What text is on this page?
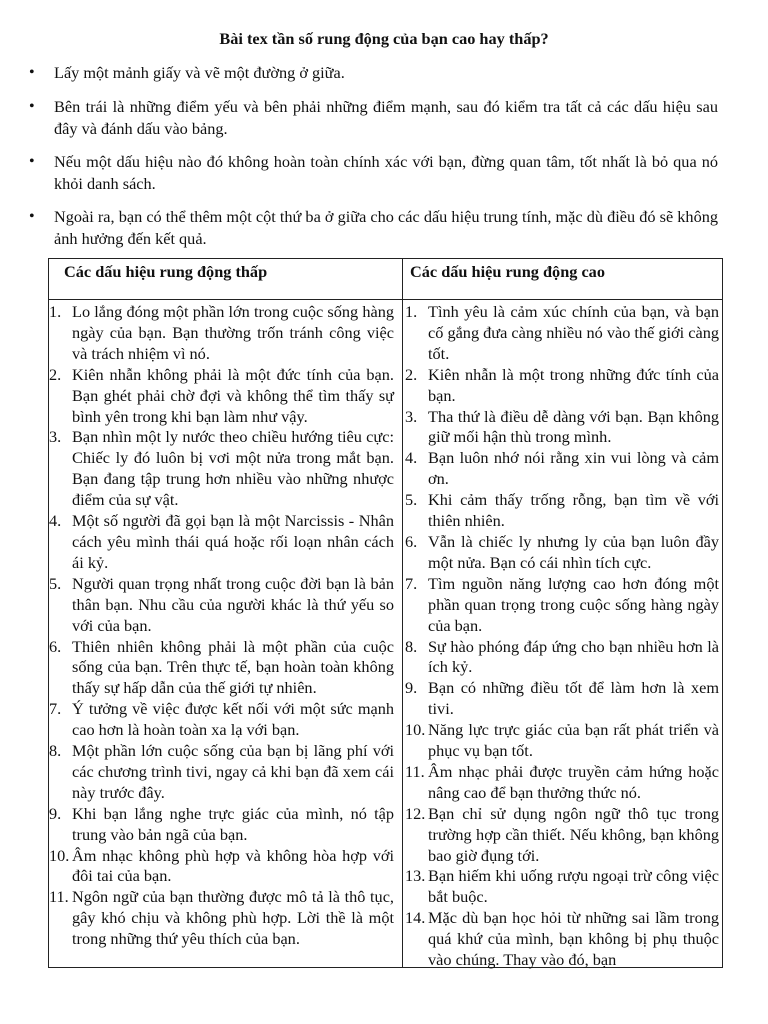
Bài tex tần số rung động của bạn cao hay thấp?
• Lấy một mảnh giấy và vẽ một đường ở giữa.
• Bên trái là những điểm yếu và bên phải những điểm mạnh, sau đó kiểm tra tất cả các dấu hiệu sau đây và đánh dấu vào bảng.
• Nếu một dấu hiệu nào đó không hoàn toàn chính xác với bạn, đừng quan tâm, tốt nhất là bỏ qua nó khỏi danh sách.
• Ngoài ra, bạn có thể thêm một cột thứ ba ở giữa cho các dấu hiệu trung tính, mặc dù điều đó sẽ không ảnh hưởng đến kết quả.
Các dấu hiệu rung động thấp	Các dấu hiệu rung động cao
1. Lo lắng đóng một phần lớn trong cuộc sống hàng ngày của bạn. Bạn thường trốn tránh công việc và trách nhiệm vì nó.
2. Kiên nhẫn không phải là một đức tính của bạn. Bạn ghét phải chờ đợi và không thể tìm thấy sự bình yên trong khi bạn làm như vậy.
3. Bạn nhìn một ly nước theo chiều hướng tiêu cực: Chiếc ly đó luôn bị vơi một nửa trong mắt bạn. Bạn đang tập trung hơn nhiều vào những nhược điểm của sự vật.
4. Một số người đã gọi bạn là một Narcissis - Nhân cách yêu mình thái quá hoặc rối loạn nhân cách ái kỷ.
5. Người quan trọng nhất trong cuộc đời bạn là bản thân bạn. Nhu cầu của người khác là thứ yếu so với của bạn.
6. Thiên nhiên không phải là một phần của cuộc sống của bạn. Trên thực tế, bạn hoàn toàn không thấy sự hấp dẫn của thế giới tự nhiên.
7. Ý tưởng về việc được kết nối với một sức mạnh cao hơn là hoàn toàn xa lạ với bạn.
8. Một phần lớn cuộc sống của bạn bị lãng phí với các chương trình tivi, ngay cả khi bạn đã xem cái này trước đây.
9. Khi bạn lắng nghe trực giác của mình, nó tập trung vào bản ngã của bạn.
10. Âm nhạc không phù hợp và không hòa hợp với đôi tai của bạn.
11. Ngôn ngữ của bạn thường được mô tả là thô tục, gây khó chịu và không phù hợp. Lời thề là một trong những thứ yêu thích của bạn.
1. Tình yêu là cảm xúc chính của bạn, và bạn cố gắng đưa càng nhiều nó vào thế giới càng tốt.
2. Kiên nhẫn là một trong những đức tính của bạn.
3. Tha thứ là điều dễ dàng với bạn. Bạn không giữ mối hận thù trong mình.
4. Bạn luôn nhớ nói rằng xin vui lòng và cảm ơn.
5. Khi cảm thấy trống rỗng, bạn tìm về với thiên nhiên.
6. Vẫn là chiếc ly nhưng ly của bạn luôn đầy một nửa. Bạn có cái nhìn tích cực.
7. Tìm nguồn năng lượng cao hơn đóng một phần quan trọng trong cuộc sống hàng ngày của bạn.
8. Sự hào phóng đáp ứng cho bạn nhiều hơn là ích kỷ.
9. Bạn có những điều tốt để làm hơn là xem tivi.
10. Năng lực trực giác của bạn rất phát triển và phục vụ bạn tốt.
11. Âm nhạc phải được truyền cảm hứng hoặc nâng cao để bạn thưởng thức nó.
12. Bạn chỉ sử dụng ngôn ngữ thô tục trong trường hợp cần thiết. Nếu không, bạn không bao giờ đụng tới.
13. Bạn hiếm khi uống rượu ngoại trừ công việc bắt buộc.
14. Mặc dù bạn học hỏi từ những sai lầm trong quá khứ của mình, bạn không bị phụ thuộc vào chúng. Thay vào đó, bạn
